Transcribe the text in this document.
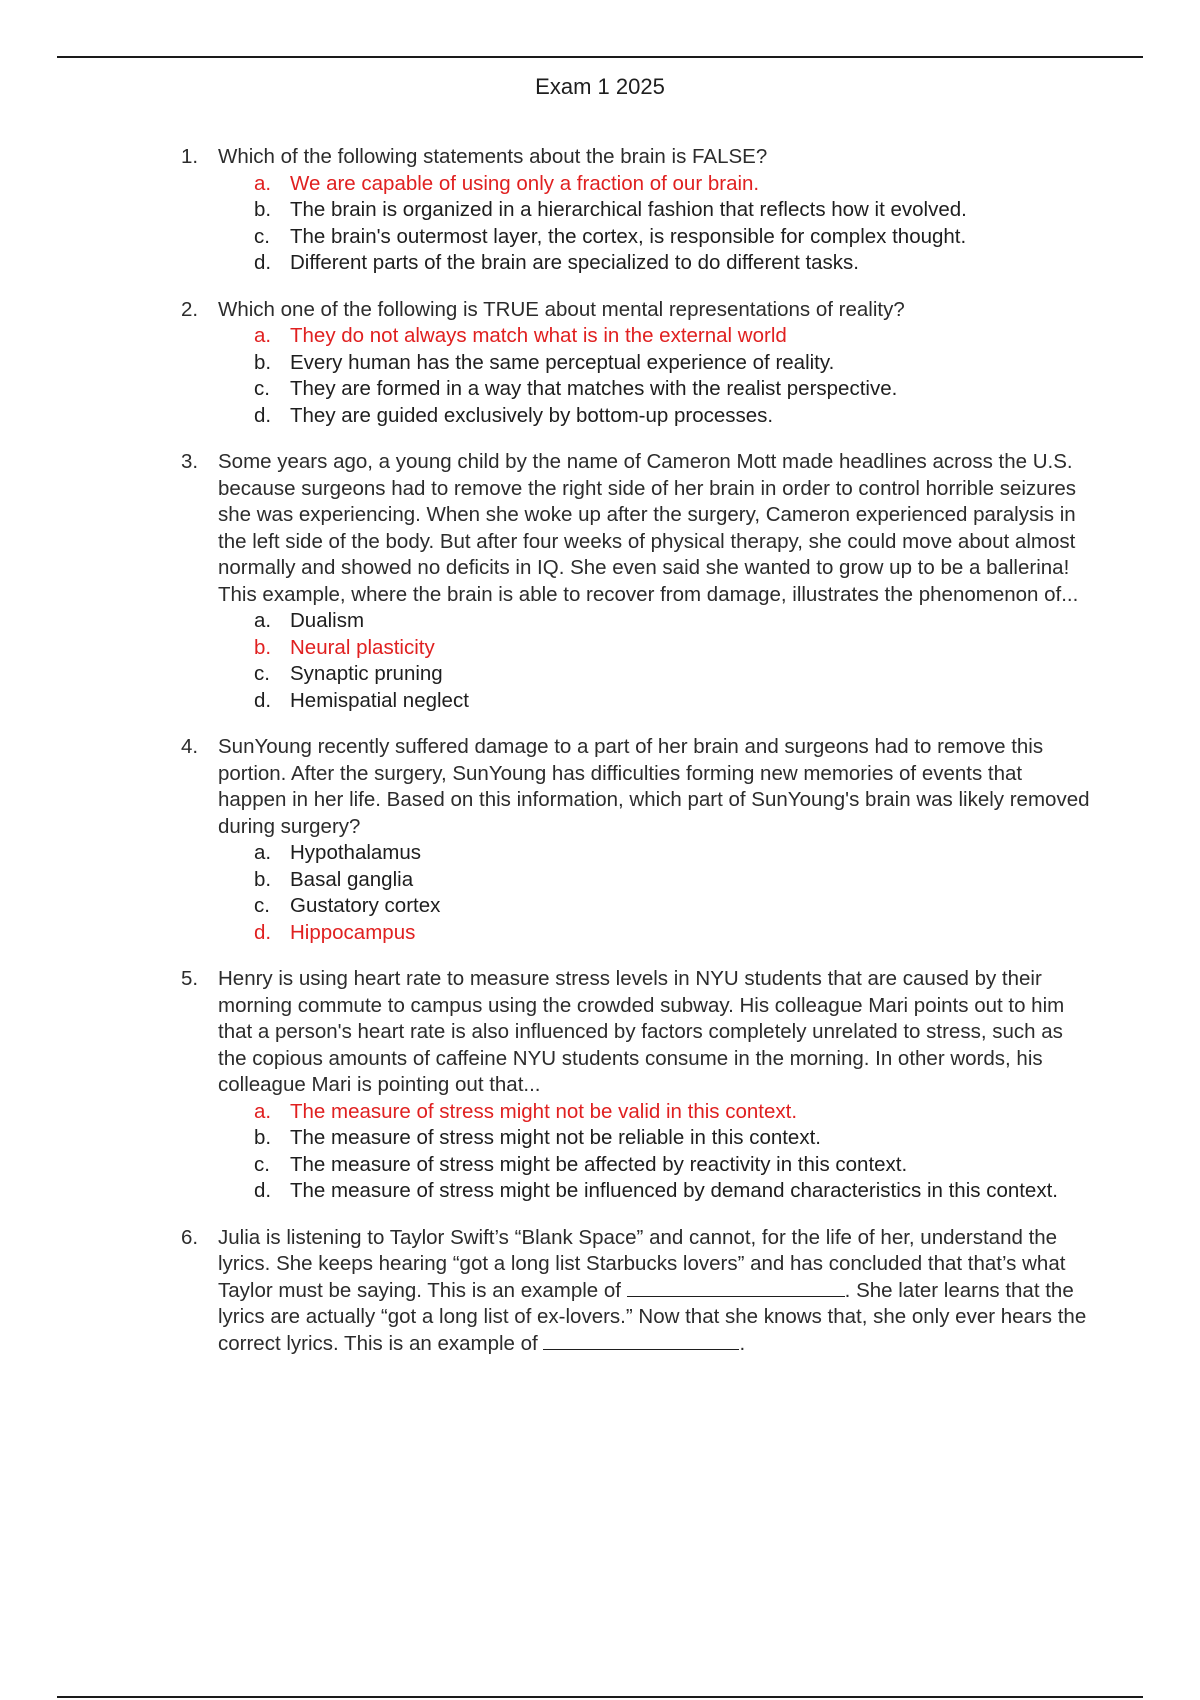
Exam 1 2025
1. Which of the following statements about the brain is FALSE?
a. We are capable of using only a fraction of our brain.
b. The brain is organized in a hierarchical fashion that reflects how it evolved.
c. The brain's outermost layer, the cortex, is responsible for complex thought.
d. Different parts of the brain are specialized to do different tasks.
2. Which one of the following is TRUE about mental representations of reality?
a. They do not always match what is in the external world
b. Every human has the same perceptual experience of reality.
c. They are formed in a way that matches with the realist perspective.
d. They are guided exclusively by bottom-up processes.
3. Some years ago, a young child by the name of Cameron Mott made headlines across the U.S. because surgeons had to remove the right side of her brain in order to control horrible seizures she was experiencing. When she woke up after the surgery, Cameron experienced paralysis in the left side of the body. But after four weeks of physical therapy, she could move about almost normally and showed no deficits in IQ. She even said she wanted to grow up to be a ballerina! This example, where the brain is able to recover from damage, illustrates the phenomenon of...
a. Dualism
b. Neural plasticity
c. Synaptic pruning
d. Hemispatial neglect
4. SunYoung recently suffered damage to a part of her brain and surgeons had to remove this portion. After the surgery, SunYoung has difficulties forming new memories of events that happen in her life. Based on this information, which part of SunYoung's brain was likely removed during surgery?
a. Hypothalamus
b. Basal ganglia
c. Gustatory cortex
d. Hippocampus
5. Henry is using heart rate to measure stress levels in NYU students that are caused by their morning commute to campus using the crowded subway. His colleague Mari points out to him that a person's heart rate is also influenced by factors completely unrelated to stress, such as the copious amounts of caffeine NYU students consume in the morning. In other words, his colleague Mari is pointing out that...
a. The measure of stress might not be valid in this context.
b. The measure of stress might not be reliable in this context.
c. The measure of stress might be affected by reactivity in this context.
d. The measure of stress might be influenced by demand characteristics in this context.
6. Julia is listening to Taylor Swift’s “Blank Space” and cannot, for the life of her, understand the lyrics. She keeps hearing “got a long list Starbucks lovers” and has concluded that that’s what Taylor must be saying. This is an example of	. She later learns that the lyrics are actually “got a long list of ex-lovers.” Now that she knows that, she only ever hears the correct lyrics. This is an example of	.
